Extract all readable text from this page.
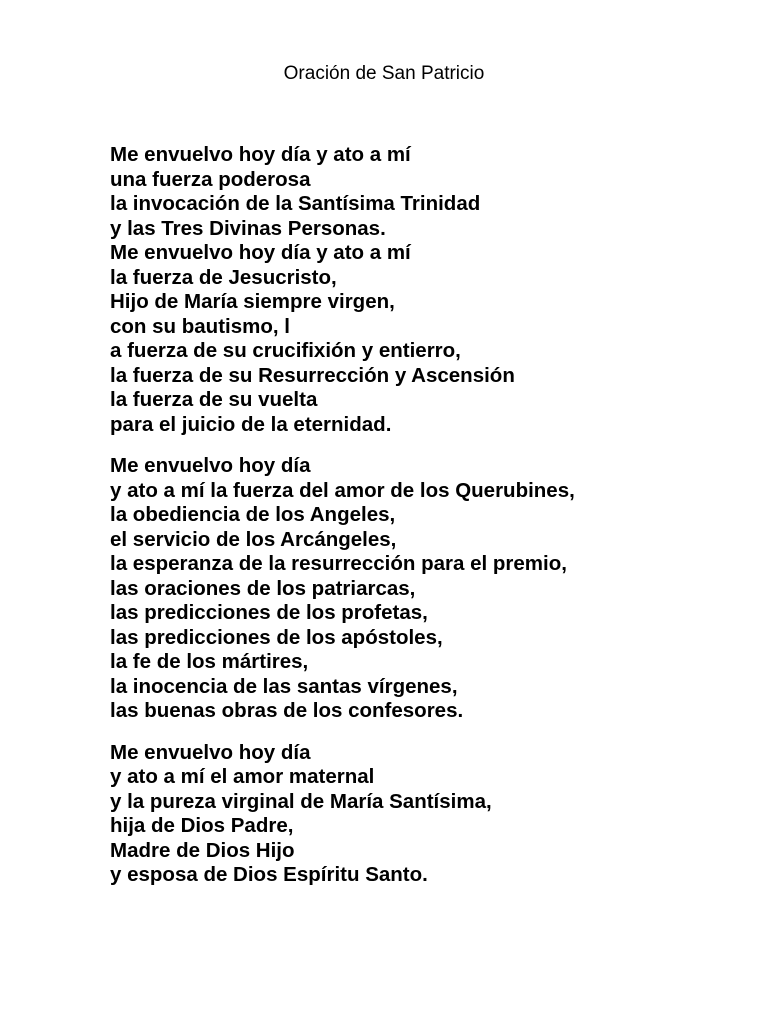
Oración de San Patricio
Me envuelvo hoy día y ato a mí
una fuerza poderosa
la invocación de la Santísima Trinidad
y las Tres Divinas Personas.
Me envuelvo hoy día y ato a mí
la fuerza de Jesucristo,
Hijo de María siempre virgen,
con su bautismo, l
a fuerza de su crucifixión y entierro,
la fuerza de su Resurrección y Ascensión
la fuerza de su vuelta
para el juicio de la eternidad.
Me envuelvo hoy día
y ato a mí la fuerza del amor de los Querubines,
la obediencia de los Angeles,
el servicio de los Arcángeles,
la esperanza de la resurrección para el premio,
las oraciones de los patriarcas,
las predicciones de los profetas,
las predicciones de los apóstoles,
la fe de los mártires,
la inocencia de las santas vírgenes,
las buenas obras de los confesores.
Me envuelvo hoy día
y ato a mí el amor maternal
y la pureza virginal de María Santísima,
hija de Dios Padre,
Madre de Dios Hijo
y esposa de Dios Espíritu Santo.
